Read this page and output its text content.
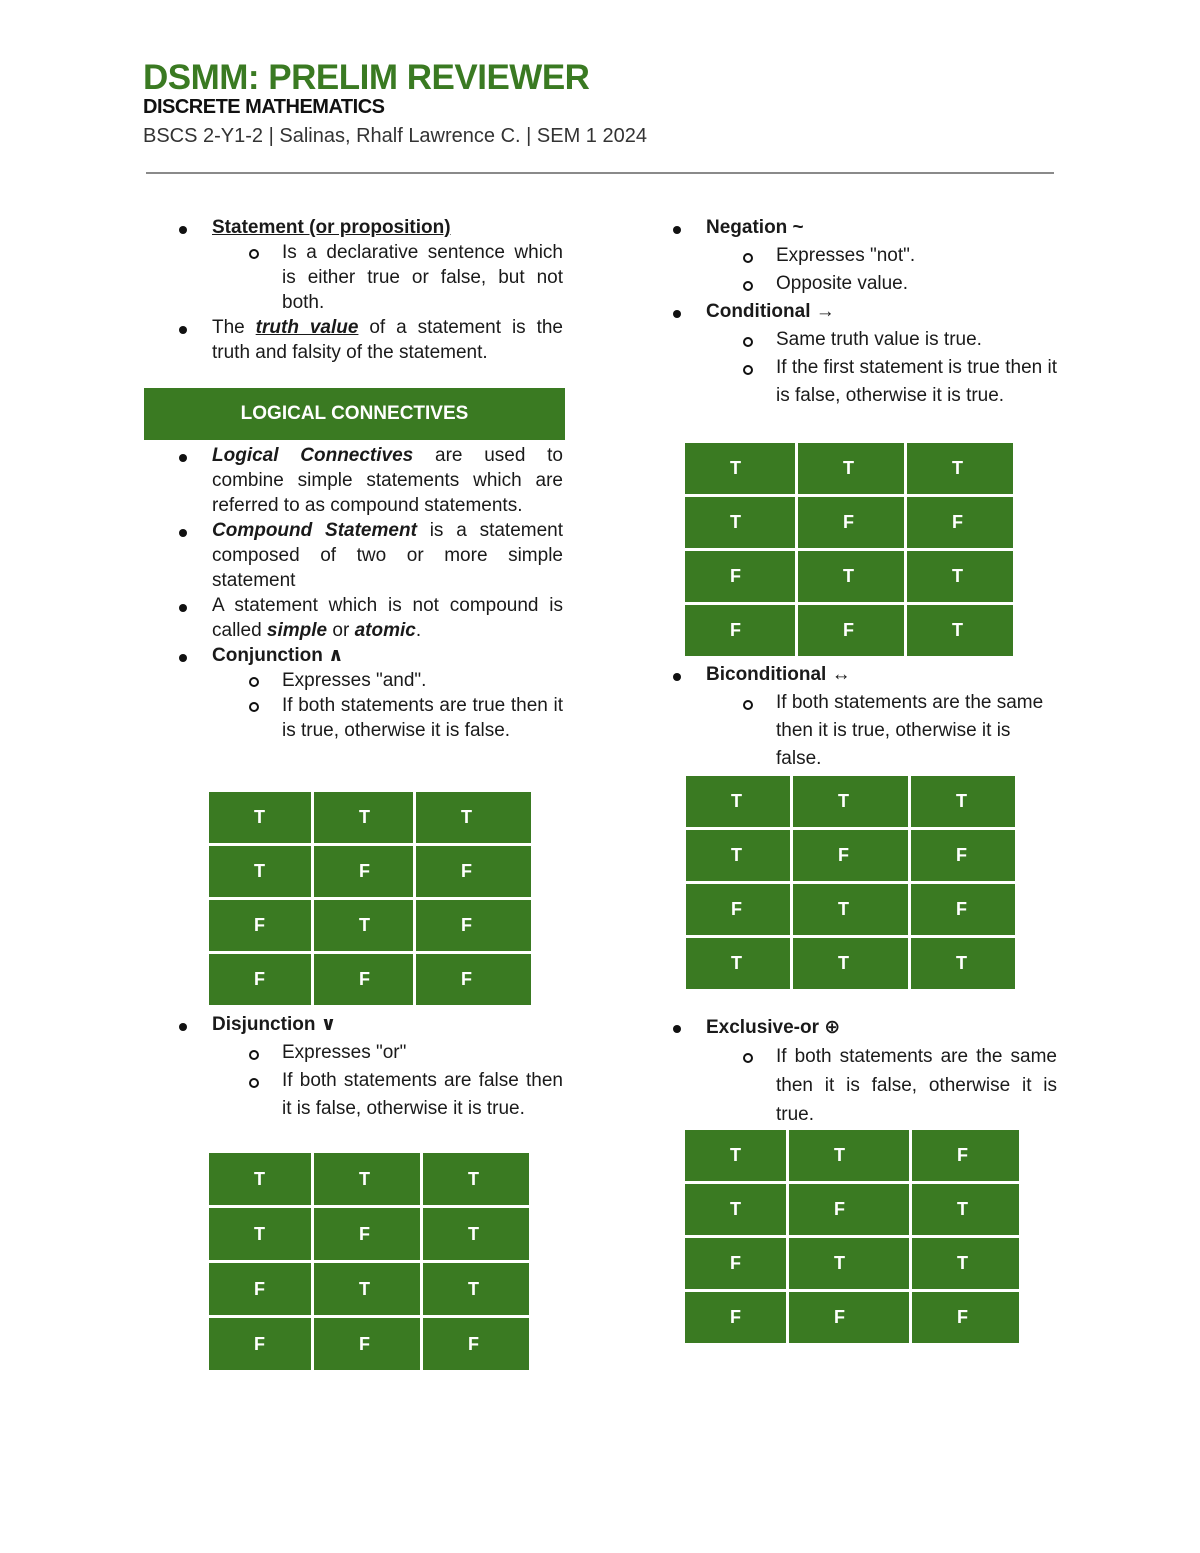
DSMM: PRELIM REVIEWER

DISCRETE MATHEMATICS

BSCS 2-Y1-2 | Salinas, Rhalf Lawrence C. | SEM 1 2024

Statement (or proposition)

Is a declarative sentence which is either true or false, but not both.

The truth value of a statement is the truth and falsity of the statement.

LOGICAL CONNECTIVES

Logical Connectives are used to combine simple statements which are referred to as compound statements.

Compound Statement is a statement composed of two or more simple statement

A statement which is not compound is called simple or atomic.

Conjunction ∧

Expresses "and".

If both statements are true then it is true, otherwise it is false.

T	T	T
T	F	F
F	T	F
F	F	F

Disjunction ∨

Expresses "or"

If both statements are false then it is false, otherwise it is true.

T	T	T
T	F	T
F	T	T
F	F	F

Negation ~

Expresses "not".

Opposite value.

Conditional →

Same truth value is true.

If the first statement is true then it is false, otherwise it is true.

T	T	T
T	F	F
F	T	T
F	F	T

Biconditional ↔

If both statements are the same then it is true, otherwise it is false.

T	T	T
T	F	F
F	T	F
T	T	T

Exclusive-or ⊕

If both statements are the same then it is false, otherwise it is true.

T	T	F
T	F	T
F	T	T
F	F	F
